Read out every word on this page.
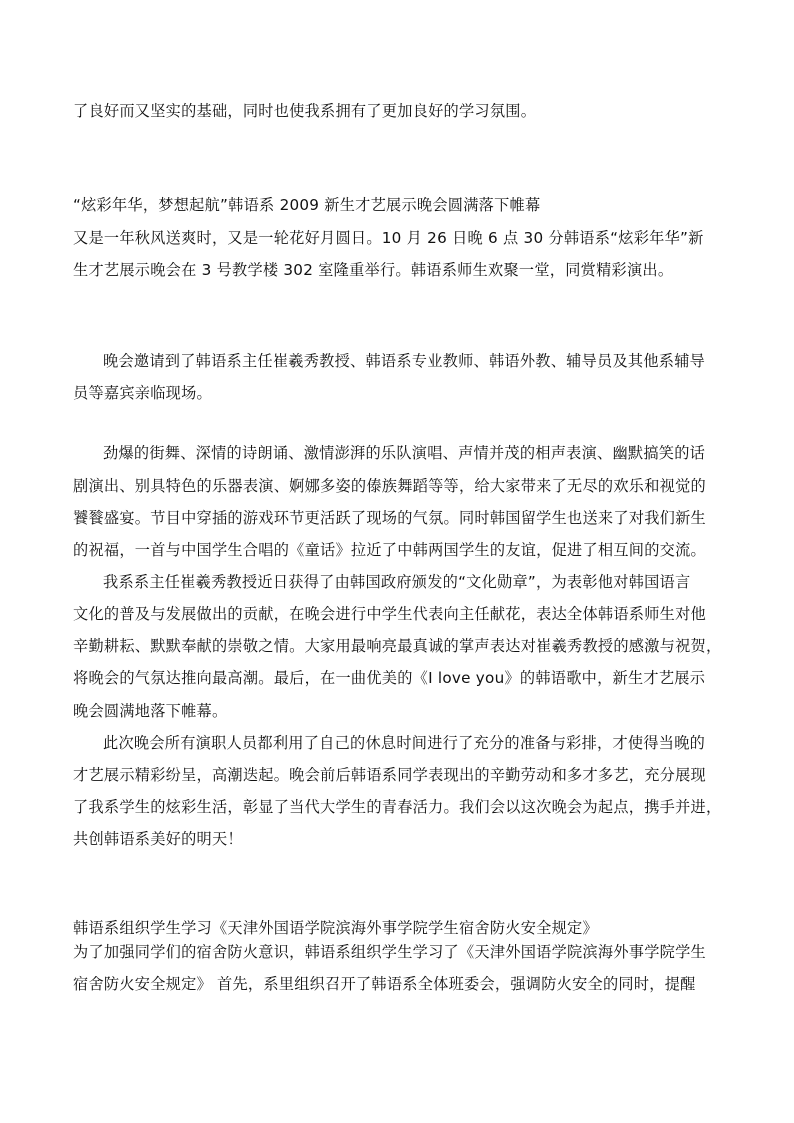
了良好而又坚实的基础，同时也使我系拥有了更加良好的学习氛围。
“炫彩年华，梦想起航”韩语系 2009 新生才艺展示晚会圆满落下帷幕
又是一年秋风送爽时，又是一轮花好月圆日。10 月 26 日晚 6 点 30 分韩语系“炫彩年华”新
生才艺展示晚会在 3 号教学楼 302 室隆重举行。韩语系师生欢聚一堂，同赏精彩演出。
晚会邀请到了韩语系主任崔羲秀教授、韩语系专业教师、韩语外教、辅导员及其他系辅导
员等嘉宾亲临现场。
劲爆的街舞、深情的诗朗诵、激情澎湃的乐队演唱、声情并茂的相声表演、幽默搞笑的话
剧演出、别具特色的乐器表演、婀娜多姿的傣族舞蹈等等，给大家带来了无尽的欢乐和视觉的
饕餮盛宴。节目中穿插的游戏环节更活跃了现场的气氛。同时韩国留学生也送来了对我们新生
的祝福，一首与中国学生合唱的《童话》拉近了中韩两国学生的友谊，促进了相互间的交流。
我系系主任崔羲秀教授近日获得了由韩国政府颁发的“文化勋章”，为表彰他对韩国语言
文化的普及与发展做出的贡献，在晚会进行中学生代表向主任献花，表达全体韩语系师生对他
辛勤耕耘、默默奉献的崇敬之情。大家用最响亮最真诚的掌声表达对崔羲秀教授的感激与祝贺，
将晚会的气氛达推向最高潮。最后，在一曲优美的《I love you》的韩语歌中，新生才艺展示
晚会圆满地落下帷幕。
此次晚会所有演职人员都利用了自己的休息时间进行了充分的准备与彩排，才使得当晚的
才艺展示精彩纷呈，高潮迭起。晚会前后韩语系同学表现出的辛勤劳动和多才多艺，充分展现
了我系学生的炫彩生活，彰显了当代大学生的青春活力。我们会以这次晚会为起点，携手并进，
共创韩语系美好的明天！
韩语系组织学生学习《天津外国语学院滨海外事学院学生宿舍防火安全规定》
为了加强同学们的宿舍防火意识，韩语系组织学生学习了《天津外国语学院滨海外事学院学生
宿舍防火安全规定》 首先，系里组织召开了韩语系全体班委会，强调防火安全的同时，提醒
